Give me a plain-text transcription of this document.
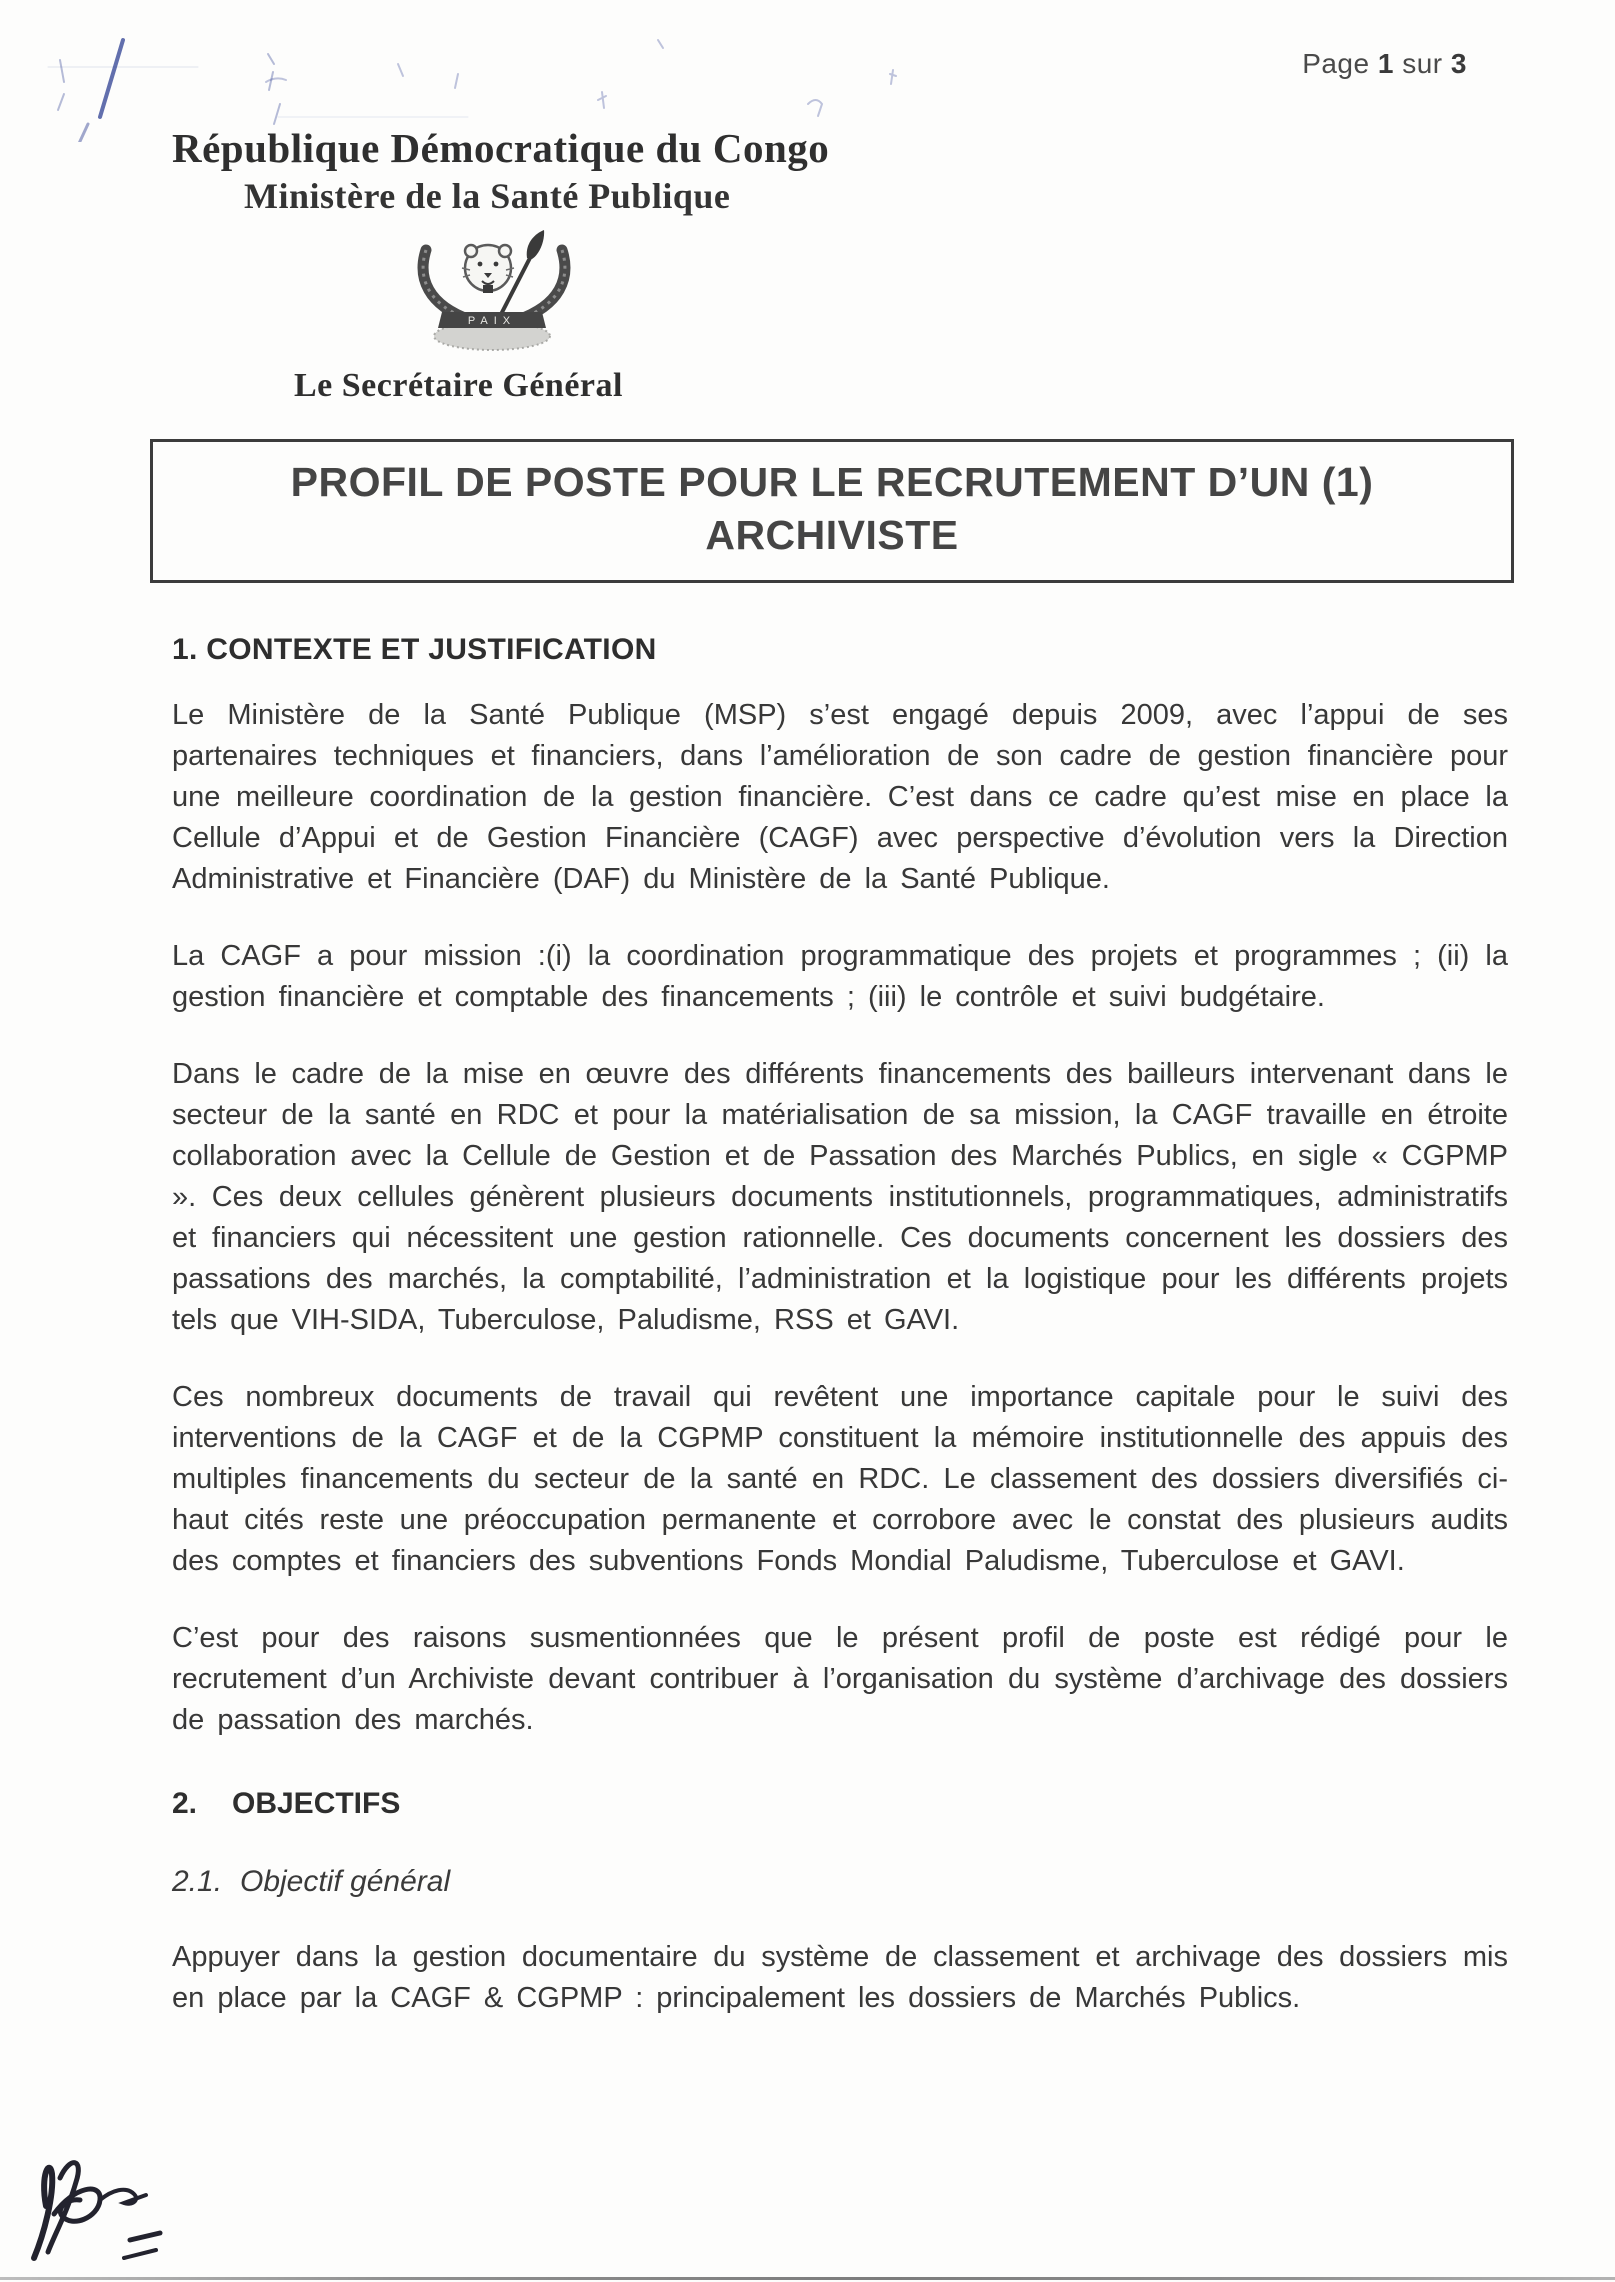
Page 1 sur 3
République Démocratique du Congo
Ministère de la Santé Publique
PAIX
Le Secrétaire Général
PROFIL DE POSTE POUR LE RECRUTEMENT D’UN (1)
ARCHIVISTE
1. CONTEXTE ET JUSTIFICATION

Le Ministère de la Santé Publique (MSP) s’est engagé depuis 2009, avec l’appui de ses partenaires techniques et financiers, dans l’amélioration de son cadre de gestion financière pour une meilleure coordination de la gestion financière. C’est dans ce cadre qu’est mise en place la Cellule d’Appui et de Gestion Financière (CAGF) avec perspective d’évolution vers la Direction Administrative et Financière (DAF) du Ministère de la Santé Publique.

La CAGF a pour mission :(i) la coordination programmatique des projets et programmes ; (ii) la gestion financière et comptable des financements ; (iii) le contrôle et suivi budgétaire.

Dans le cadre de la mise en œuvre des différents financements des bailleurs intervenant dans le secteur de la santé en RDC et pour la matérialisation de sa mission, la CAGF travaille en étroite collaboration avec la Cellule de Gestion et de Passation des Marchés Publics, en sigle « CGPMP ». Ces deux cellules génèrent plusieurs documents institutionnels, programmatiques, administratifs et financiers qui nécessitent une gestion rationnelle. Ces documents concernent les dossiers des passations des marchés, la comptabilité, l’administration et la logistique pour les différents projets tels que VIH-SIDA, Tuberculose, Paludisme, RSS et GAVI.

Ces nombreux documents de travail qui revêtent une importance capitale pour le suivi des interventions de la CAGF et de la CGPMP constituent la mémoire institutionnelle des appuis des multiples financements du secteur de la santé en RDC. Le classement des dossiers diversifiés ci-haut cités reste une préoccupation permanente et corrobore avec le constat des plusieurs audits des comptes et financiers des subventions Fonds Mondial Paludisme, Tuberculose et GAVI.

C’est pour des raisons susmentionnées que le présent profil de poste est rédigé pour le recrutement d’un Archiviste devant contribuer à l’organisation du système d’archivage des dossiers de passation des marchés.

2. OBJECTIFS
2.1. Objectif général

Appuyer dans la gestion documentaire du système de classement et archivage des dossiers mis en place par la CAGF & CGPMP : principalement les dossiers de Marchés Publics.
